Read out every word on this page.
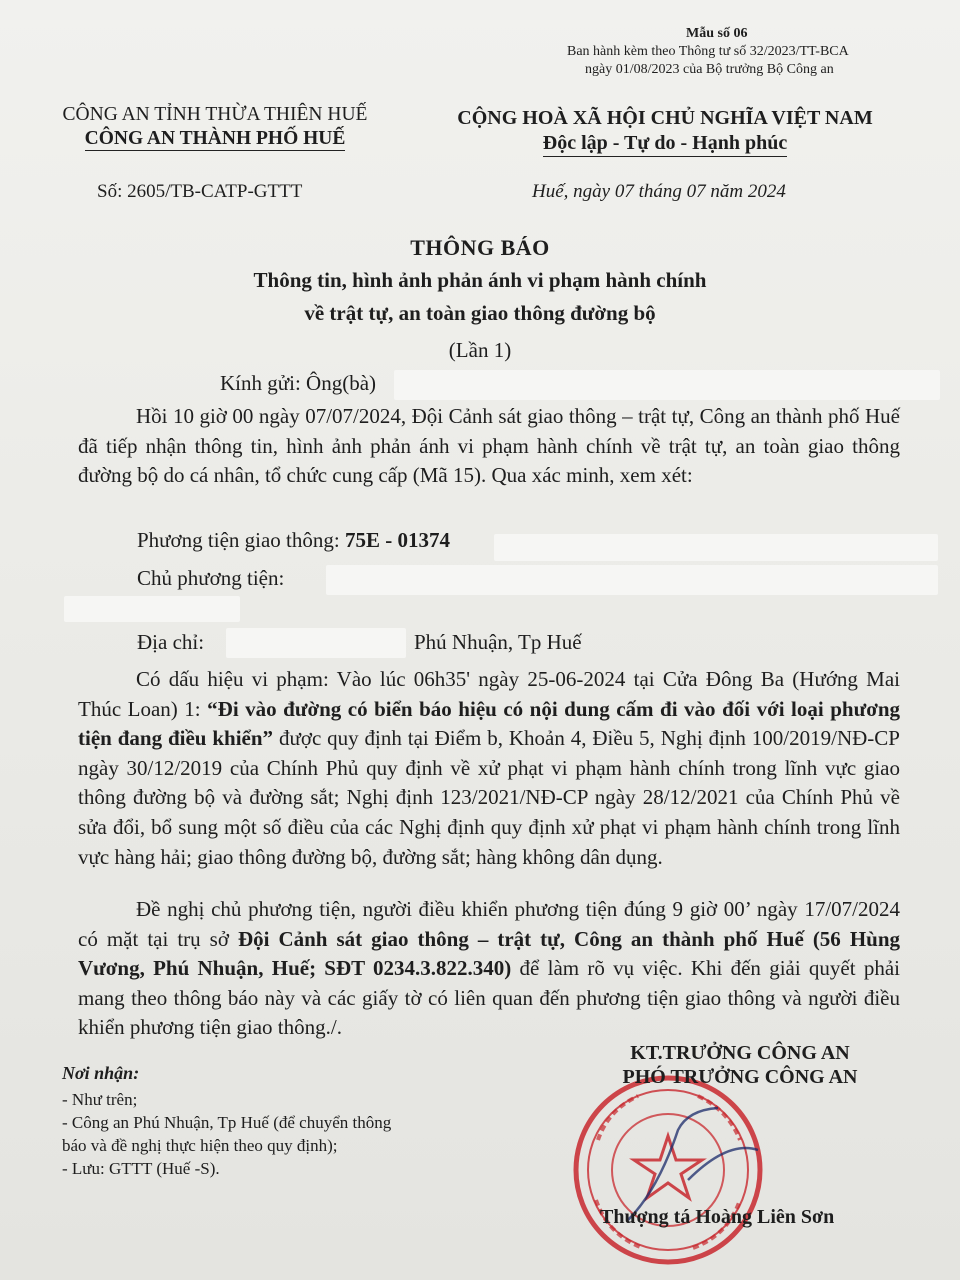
Mẫu số 06
Ban hành kèm theo Thông tư số 32/2023/TT-BCA
ngày 01/08/2023 của Bộ trưởng Bộ Công an
CÔNG AN TỈNH THỪA THIÊN HUẾ
CÔNG AN THÀNH PHỐ HUẾ
CỘNG HOÀ XÃ HỘI CHỦ NGHĨA VIỆT NAM
Độc lập - Tự do - Hạnh phúc
Số: 2605/TB-CATP-GTTT	Huế, ngày 07 tháng 07 năm 2024
THÔNG BÁO
Thông tin, hình ảnh phản ánh vi phạm hành chính
về trật tự, an toàn giao thông đường bộ
(Lần 1)
Kính gửi: Ông(bà)
Hồi 10 giờ 00 ngày 07/07/2024, Đội Cảnh sát giao thông – trật tự, Công an thành phố Huế đã tiếp nhận thông tin, hình ảnh phản ánh vi phạm hành chính về trật tự, an toàn giao thông đường bộ do cá nhân, tổ chức cung cấp (Mã 15). Qua xác minh, xem xét:
Phương tiện giao thông: 75E - 01374
Chủ phương tiện:
Địa chỉ:	Phú Nhuận, Tp Huế
Có dấu hiệu vi phạm: Vào lúc 06h35' ngày 25-06-2024 tại Cửa Đông Ba (Hướng Mai Thúc Loan) 1: “Đi vào đường có biển báo hiệu có nội dung cấm đi vào đối với loại phương tiện đang điều khiển” được quy định tại Điểm b, Khoản 4, Điều 5, Nghị định 100/2019/NĐ-CP ngày 30/12/2019 của Chính Phủ quy định về xử phạt vi phạm hành chính trong lĩnh vực giao thông đường bộ và đường sắt; Nghị định 123/2021/NĐ-CP ngày 28/12/2021 của Chính Phủ về sửa đổi, bổ sung một số điều của các Nghị định quy định xử phạt vi phạm hành chính trong lĩnh vực hàng hải; giao thông đường bộ, đường sắt; hàng không dân dụng.
Đề nghị chủ phương tiện, người điều khiển phương tiện đúng 9 giờ 00’ ngày 17/07/2024 có mặt tại trụ sở Đội Cảnh sát giao thông – trật tự, Công an thành phố Huế (56 Hùng Vương, Phú Nhuận, Huế; SĐT 0234.3.822.340) để làm rõ vụ việc. Khi đến giải quyết phải mang theo thông báo này và các giấy tờ có liên quan đến phương tiện giao thông và người điều khiển phương tiện giao thông./.
Nơi nhận:
- Như trên;
- Công an Phú Nhuận, Tp Huế (để chuyển thông
báo và đề nghị thực hiện theo quy định);
- Lưu: GTTT (Huế -S).
KT.TRƯỞNG CÔNG AN
PHÓ TRƯỞNG CÔNG AN
Thượng tá Hoàng Liên Sơn
